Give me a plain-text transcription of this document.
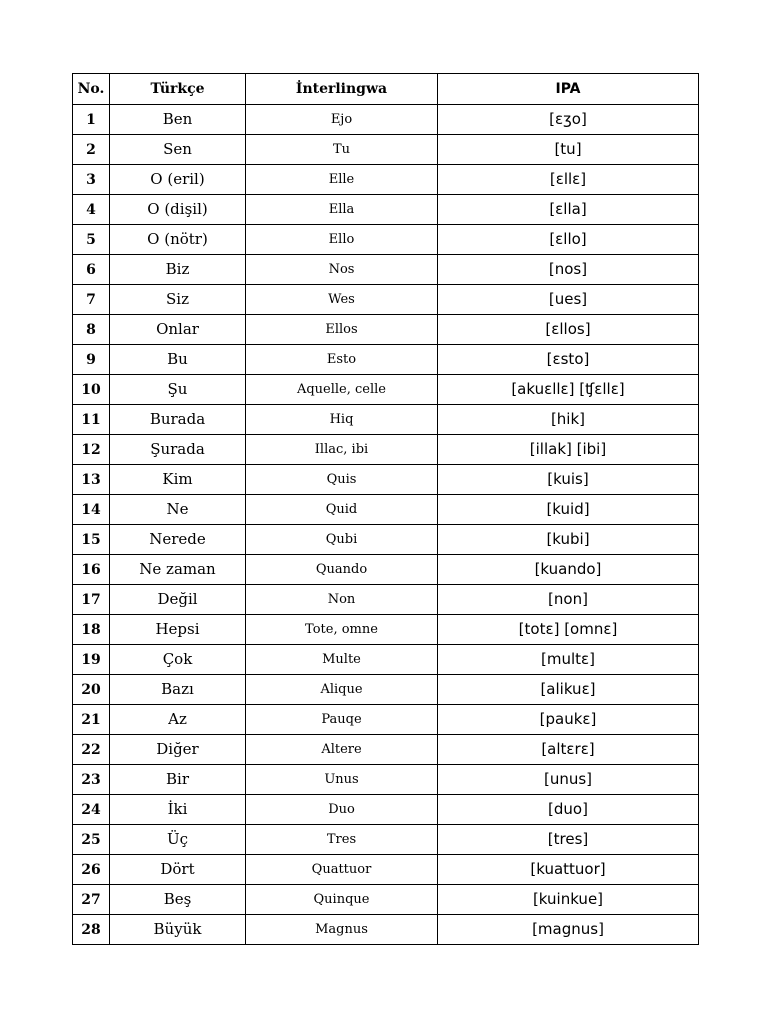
No.	Türkçe	İnterlingwa	IPA
1	Ben	Ejo	[εʒo]
2	Sen	Tu	[tu]
3	O (eril)	Elle	[εllε]
4	O (dişil)	Ella	[εlla]
5	O (nötr)	Ello	[εllo]
6	Biz	Nos	[nos]
7	Siz	Wes	[ues]
8	Onlar	Ellos	[εllos]
9	Bu	Esto	[εsto]
10	Şu	Aquelle, celle	[akuεllε] [ʧεllε]
11	Burada	Hiq	[hik]
12	Şurada	Illac, ibi	[illak] [ibi]
13	Kim	Quis	[kuis]
14	Ne	Quid	[kuid]
15	Nerede	Qubi	[kubi]
16	Ne zaman	Quando	[kuando]
17	Değil	Non	[non]
18	Hepsi	Tote, omne	[totε] [omnε]
19	Çok	Multe	[multε]
20	Bazı	Alique	[alikuε]
21	Az	Pauqe	[paukε]
22	Diğer	Altere	[altεrε]
23	Bir	Unus	[unus]
24	İki	Duo	[duo]
25	Üç	Tres	[tres]
26	Dört	Quattuor	[kuattuor]
27	Beş	Quinque	[kuinkue]
28	Büyük	Magnus	[magnus]
